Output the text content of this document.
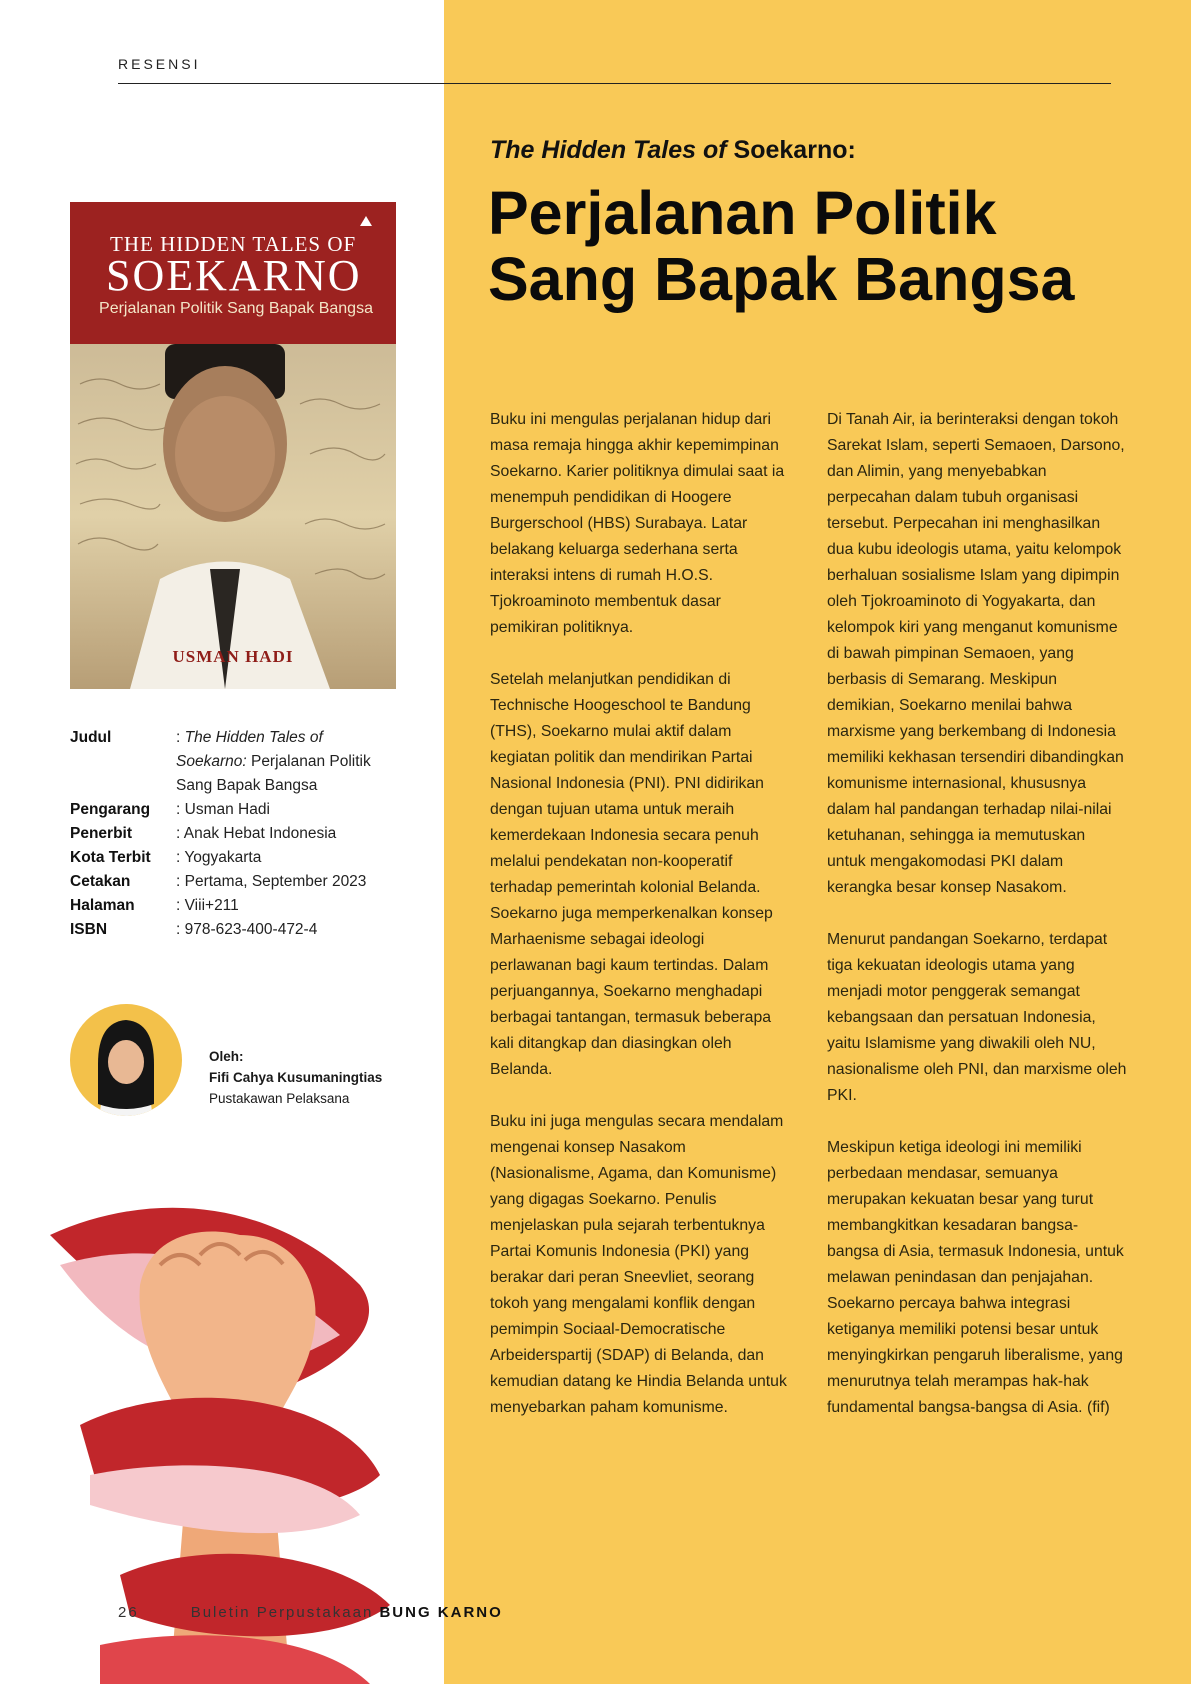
RESENSI
The Hidden Tales of Soekarno:
Perjalanan Politik Sang Bapak Bangsa
THE HIDDEN TALES OF
SOEKARNO
Perjalanan Politik Sang Bapak Bangsa
USMAN HADI
Judul	: The Hidden Tales of Soekarno: Perjalanan Politik Sang Bapak Bangsa
Pengarang	: Usman Hadi
Penerbit	: Anak Hebat Indonesia
Kota Terbit	: Yogyakarta
Cetakan	: Pertama, September 2023
Halaman	: Viii+211
ISBN	: 978-623-400-472-4
Oleh:
Fifi Cahya Kusumaningtias
Pustakawan Pelaksana

Buku ini mengulas perjalanan hidup dari masa remaja hingga akhir kepemimpinan Soekarno. Karier politiknya dimulai saat ia menempuh pendidikan di Hoogere Burgerschool (HBS) Surabaya. Latar belakang keluarga sederhana serta interaksi intens di rumah H.O.S. Tjokroaminoto membentuk dasar pemikiran politiknya.

Setelah melanjutkan pendidikan di Technische Hoogeschool te Bandung (THS), Soekarno mulai aktif dalam kegiatan politik dan mendirikan Partai Nasional Indonesia (PNI). PNI didirikan dengan tujuan utama untuk meraih kemerdekaan Indonesia secara penuh melalui pendekatan non-kooperatif terhadap pemerintah kolonial Belanda. Soekarno juga memperkenalkan konsep Marhaenisme sebagai ideologi perlawanan bagi kaum tertindas. Dalam perjuangannya, Soekarno menghadapi berbagai tantangan, termasuk beberapa kali ditangkap dan diasingkan oleh Belanda.

Buku ini juga mengulas secara mendalam mengenai konsep Nasakom (Nasionalisme, Agama, dan Komunisme) yang digagas Soekarno. Penulis menjelaskan pula sejarah terbentuknya Partai Komunis Indonesia (PKI) yang berakar dari peran Sneevliet, seorang tokoh yang mengalami konflik dengan pemimpin Sociaal-Democratische Arbeiderspartij (SDAP) di Belanda, dan kemudian datang ke Hindia Belanda untuk menyebarkan paham komunisme.

Di Tanah Air, ia berinteraksi dengan tokoh Sarekat Islam, seperti Semaoen, Darsono, dan Alimin, yang menyebabkan perpecahan dalam tubuh organisasi tersebut. Perpecahan ini menghasilkan dua kubu ideologis utama, yaitu kelompok berhaluan sosialisme Islam yang dipimpin oleh Tjokroaminoto di Yogyakarta, dan kelompok kiri yang menganut komunisme di bawah pimpinan Semaoen, yang berbasis di Semarang. Meskipun demikian, Soekarno menilai bahwa marxisme yang berkembang di Indonesia memiliki kekhasan tersendiri dibandingkan komunisme internasional, khususnya dalam hal pandangan terhadap nilai-nilai ketuhanan, sehingga ia memutuskan untuk mengakomodasi PKI dalam kerangka besar konsep Nasakom.

Menurut pandangan Soekarno, terdapat tiga kekuatan ideologis utama yang menjadi motor penggerak semangat kebangsaan dan persatuan Indonesia, yaitu Islamisme yang diwakili oleh NU, nasionalisme oleh PNI, dan marxisme oleh PKI.

Meskipun ketiga ideologi ini memiliki perbedaan mendasar, semuanya merupakan kekuatan besar yang turut membangkitkan kesadaran bangsa-bangsa di Asia, termasuk Indonesia, untuk melawan penindasan dan penjajahan. Soekarno percaya bahwa integrasi ketiganya memiliki potensi besar untuk menyingkirkan pengaruh liberalisme, yang menurutnya telah merampas hak-hak fundamental bangsa-bangsa di Asia. (fif)

26	Buletin Perpustakaan BUNG KARNO
